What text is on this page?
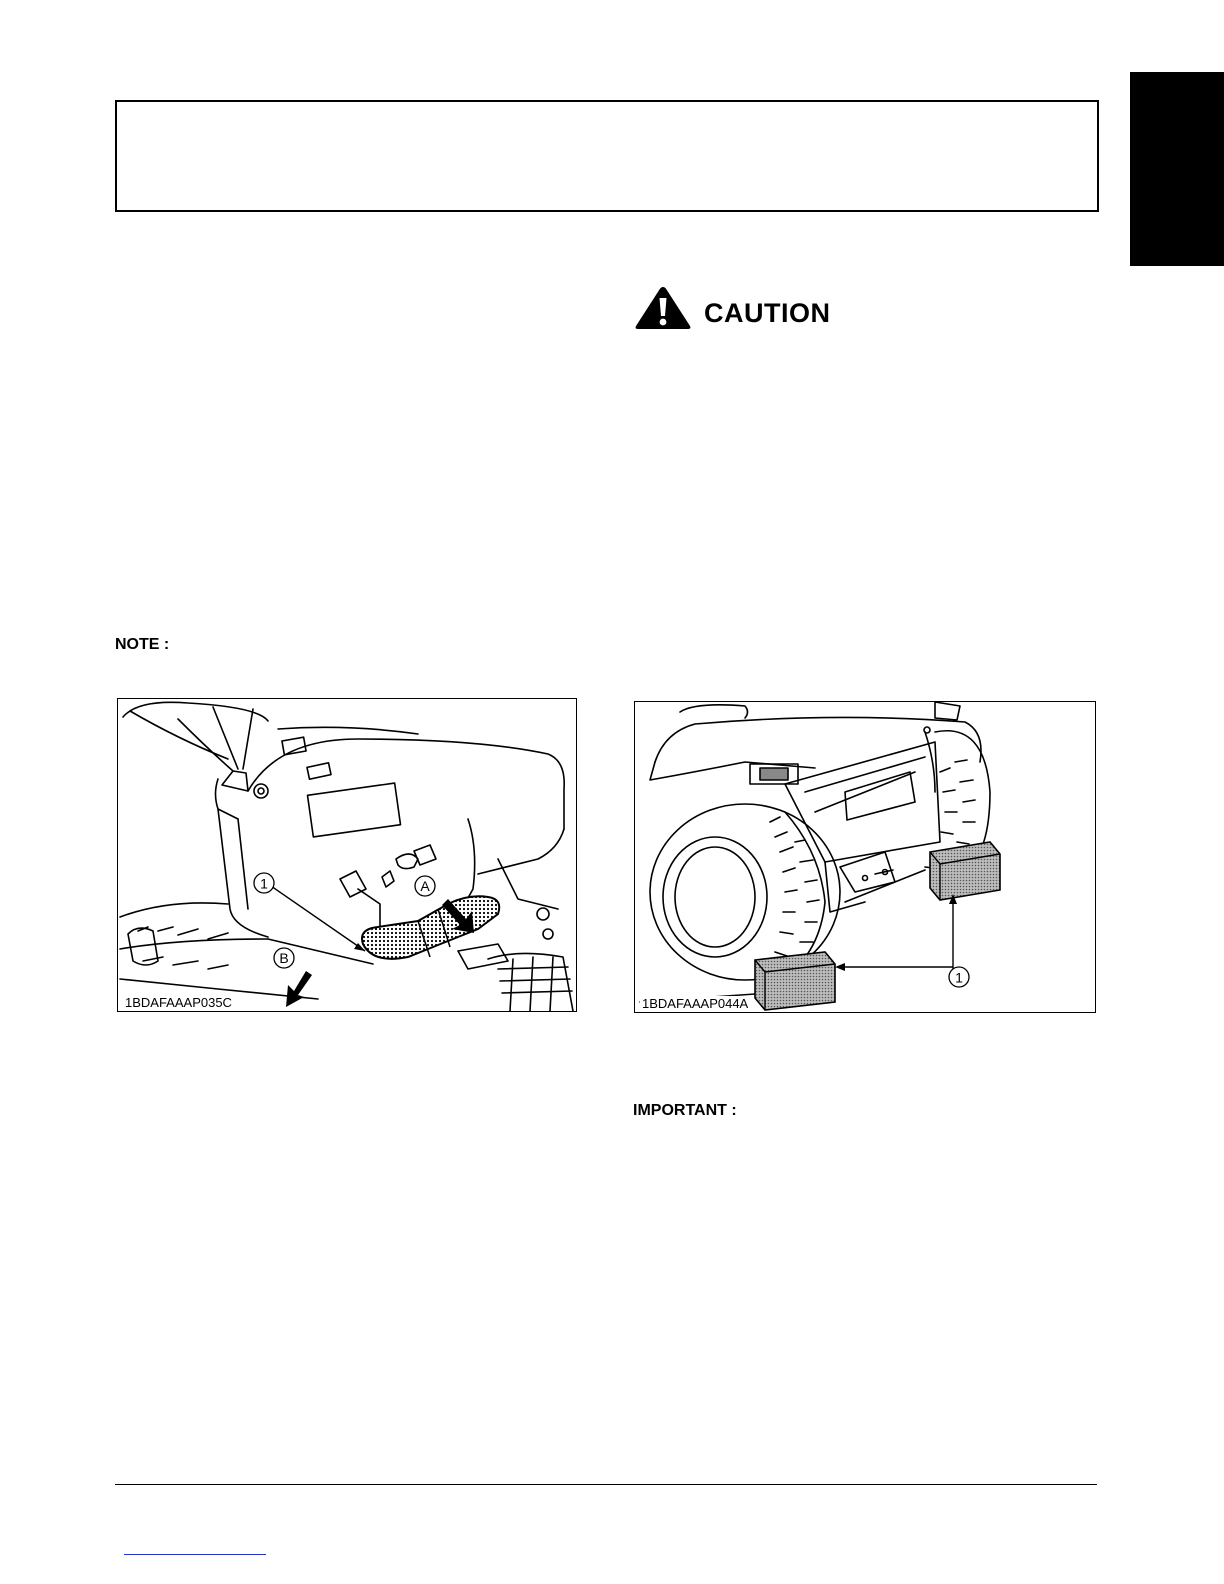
CAUTION
NOTE :
1	A
B
1BDAFAAAP035C
1
1BDAFAAAP044A
IMPORTANT :
